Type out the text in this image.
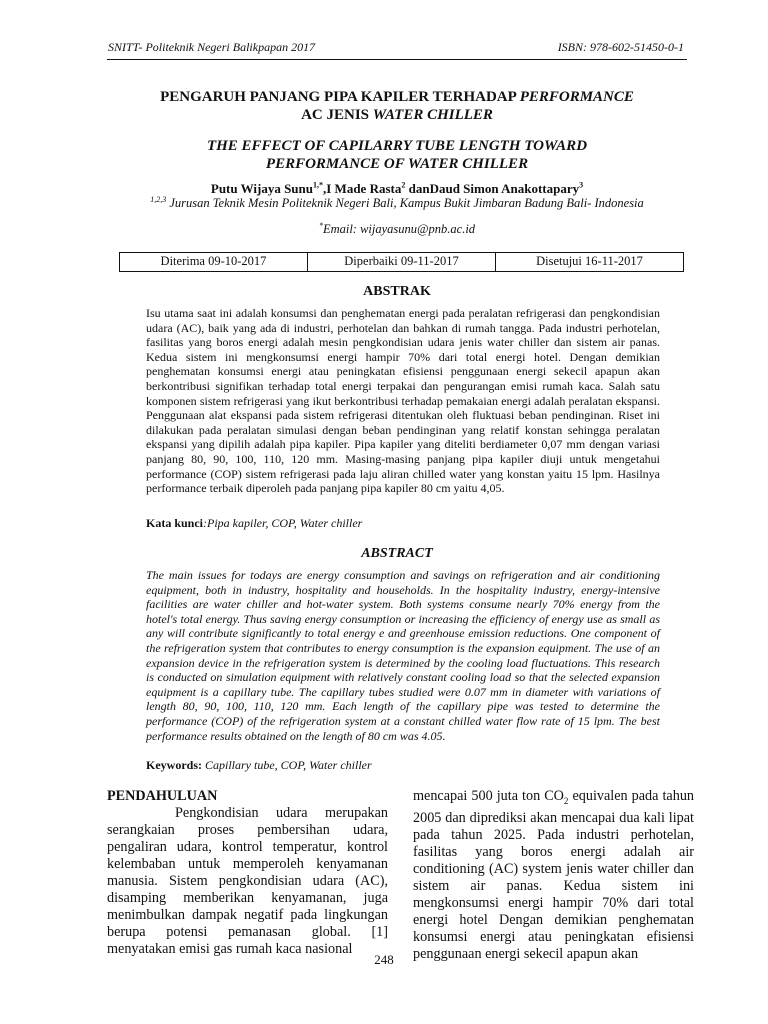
SNITT- Politeknik Negeri Balikpapan 2017	ISBN: 978-602-51450-0-1
PENGARUH PANJANG PIPA KAPILER TERHADAP PERFORMANCE
AC JENIS WATER CHILLER
THE EFFECT OF CAPILARRY TUBE LENGTH TOWARD
PERFORMANCE OF WATER CHILLER
Putu Wijaya Sunu$^{1,*}$,I Made Rasta$^2$ danDaud Simon Anakottapary$^3$
$^{1,2,3}$ Jurusan Teknik Mesin Politeknik Negeri Bali, Kampus Bukit Jimbaran Badung Bali- Indonesia
*Email: wijayasunu@pnb.ac.id
Diterima 09-10-2017	Diperbaiki 09-11-2017	Disetujui 16-11-2017
ABSTRAK
Isu utama saat ini adalah konsumsi dan penghematan energi pada peralatan refrigerasi dan pengkondisian udara (AC), baik yang ada di industri, perhotelan dan bahkan di rumah tangga. Pada industri perhotelan, fasilitas yang boros energi adalah mesin pengkondisian udara jenis water chiller dan sistem air panas. Kedua sistem ini mengkonsumsi energi hampir 70% dari total energi hotel. Dengan demikian penghematan konsumsi energi atau peningkatan efisiensi penggunaan energi sekecil apapun akan berkontribusi signifikan terhadap total energi terpakai dan pengurangan emisi rumah kaca. Salah satu komponen sistem refrigerasi yang ikut berkontribusi terhadap pemakaian energi adalah peralatan ekspansi. Penggunaan alat ekspansi pada sistem refrigerasi ditentukan oleh fluktuasi beban pendinginan. Riset ini dilakukan pada peralatan simulasi dengan beban pendinginan yang relatif konstan sehingga peralatan ekspansi yang dipilih adalah pipa kapiler. Pipa kapiler yang diteliti berdiameter 0,07 mm dengan variasi panjang 80, 90, 100, 110, 120 mm. Masing-masing panjang pipa kapiler diuji untuk mengetahui performance (COP) sistem refrigerasi pada laju aliran chilled water yang konstan yaitu 15 lpm. Hasilnya performance terbaik diperoleh pada panjang pipa kapiler 80 cm yaitu 4,05.
Kata kunci:Pipa kapiler, COP, Water chiller
ABSTRACT
The main issues for todays are energy consumption and savings on refrigeration and air conditioning equipment, both in industry, hospitality and households. In the hospitality industry, energy-intensive facilities are water chiller and hot-water system. Both systems consume nearly 70% energy from the hotel's total energy. Thus saving energy consumption or increasing the efficiency of energy use as small as any will contribute significantly to total energy e and greenhouse emission reductions. One component of the refrigeration system that contributes to energy consumption is the expansion equipment. The use of an expansion device in the refrigeration system is determined by the cooling load fluctuations. This research is conducted on simulation equipment with relatively constant cooling load so that the selected expansion equipment is a capillary tube. The capillary tubes studied were 0.07 mm in diameter with variations of length 80, 90, 100, 110, 120 mm. Each length of the capillary pipe was tested to determine the performance (COP) of the refrigeration system at a constant chilled water flow rate of 15 lpm. The best performance results obtained on the length of 80 cm was 4.05.
Keywords: Capillary tube, COP, Water chiller
PENDAHULUAN

Pengkondisian udara merupakan serangkaian proses pembersihan udara, pengaliran udara, kontrol temperatur, kontrol kelembaban untuk memperoleh kenyamanan manusia. Sistem pengkondisian udara (AC), disamping memberikan kenyamanan, juga menimbulkan dampak negatif pada lingkungan berupa potensi pemanasan global. [1] menyatakan emisi gas rumah kaca nasional

mencapai 500 juta ton $CO_2$ equivalen pada tahun 2005 dan diprediksi akan mencapai dua kali lipat pada tahun 2025. Pada industri perhotelan, fasilitas yang boros energi adalah air conditioning (AC) system jenis water chiller dan sistem air panas. Kedua sistem ini mengkonsumsi energi hampir 70% dari total energi hotel Dengan demikian penghematan konsumsi energi atau peningkatan efisiensi penggunaan energi sekecil apapun akan

248
